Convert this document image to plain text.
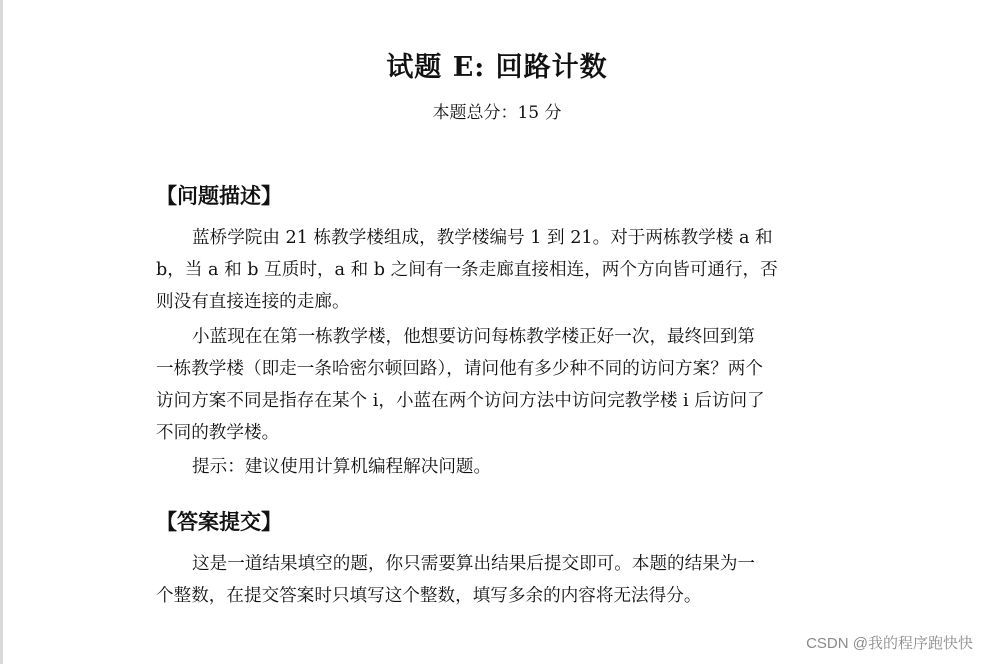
试题 E: 回路计数
本题总分：15 分
【问题描述】

蓝桥学院由 21 栋教学楼组成，教学楼编号 1 到 21。对于两栋教学楼 a 和
b，当 a 和 b 互质时，a 和 b 之间有一条走廊直接相连，两个方向皆可通行，否
则没有直接连接的走廊。

小蓝现在在第一栋教学楼，他想要访问每栋教学楼正好一次，最终回到第
一栋教学楼（即走一条哈密尔顿回路），请问他有多少种不同的访问方案？两个
访问方案不同是指存在某个 i，小蓝在两个访问方法中访问完教学楼 i 后访问了
不同的教学楼。

提示：建议使用计算机编程解决问题。

【答案提交】

这是一道结果填空的题，你只需要算出结果后提交即可。本题的结果为一
个整数，在提交答案时只填写这个整数，填写多余的内容将无法得分。

CSDN @我的程序跑快快
